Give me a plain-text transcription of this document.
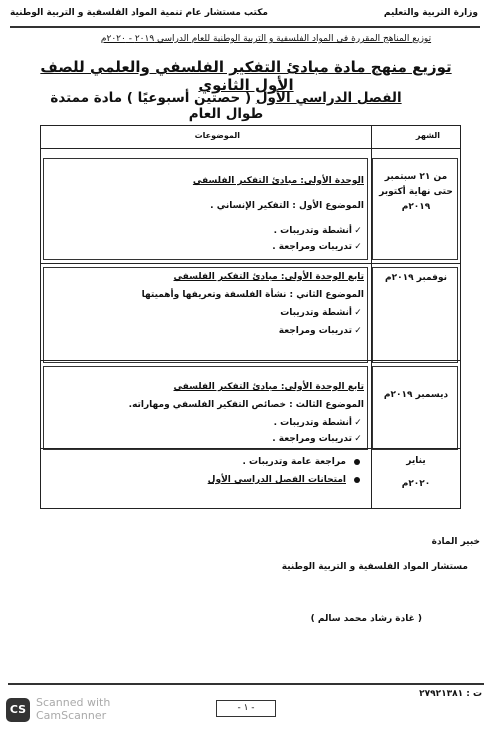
وزارة التربية والتعليم
مكتب مستشار عام تنمية المواد الفلسفية و التربية الوطنية
توزيع المناهج المقررة في المواد الفلسفية و التربية الوطنية للعام الدراسي ٢٠١٩ - ٢٠٢٠م
توزيع منهج مادة مبادئ التفكير الفلسفي والعلمي للصف الأول الثانوي
الفصل الدراسي الأول ( حصتين أسبوعيًا ) مادة ممتدة طوال العام
الشهر
الموضوعات
من ٢١ سبتمبر
حتى نهاية أكتوبر
٢٠١٩م
الوحدة الأولى: مبادئ التفكير الفلسفي
الموضوع الأول : التفكير الإنساني .
✓أنشطة وتدريبات .
✓تدريبات ومراجعة .
نوفمبر ٢٠١٩م
تابع الوحدة الأولى: مبادئ التفكير الفلسفي
الموضوع الثاني : نشأة الفلسفة وتعريفها وأهميتها
✓أنشطة وتدريبات
✓تدريبات ومراجعة
ديسمبر ٢٠١٩م
تابع الوحدة الأولى: مبادئ التفكير الفلسفي
الموضوع الثالث : خصائص التفكير الفلسفي ومهاراته.
✓أنشطة وتدريبات .
✓تدريبات ومراجعة .
يناير
٢٠٢٠م
مراجعة عامة وتدريبات .
امتحانات الفصل الدراسي الأول
خبير المادة
مستشار المواد الفلسفية و التربية الوطنية
( غادة رشاد محمد سالم )
ت : ٢٧٩٢١٣٨١
- ١ -
CS
Scanned with
CamScanner
